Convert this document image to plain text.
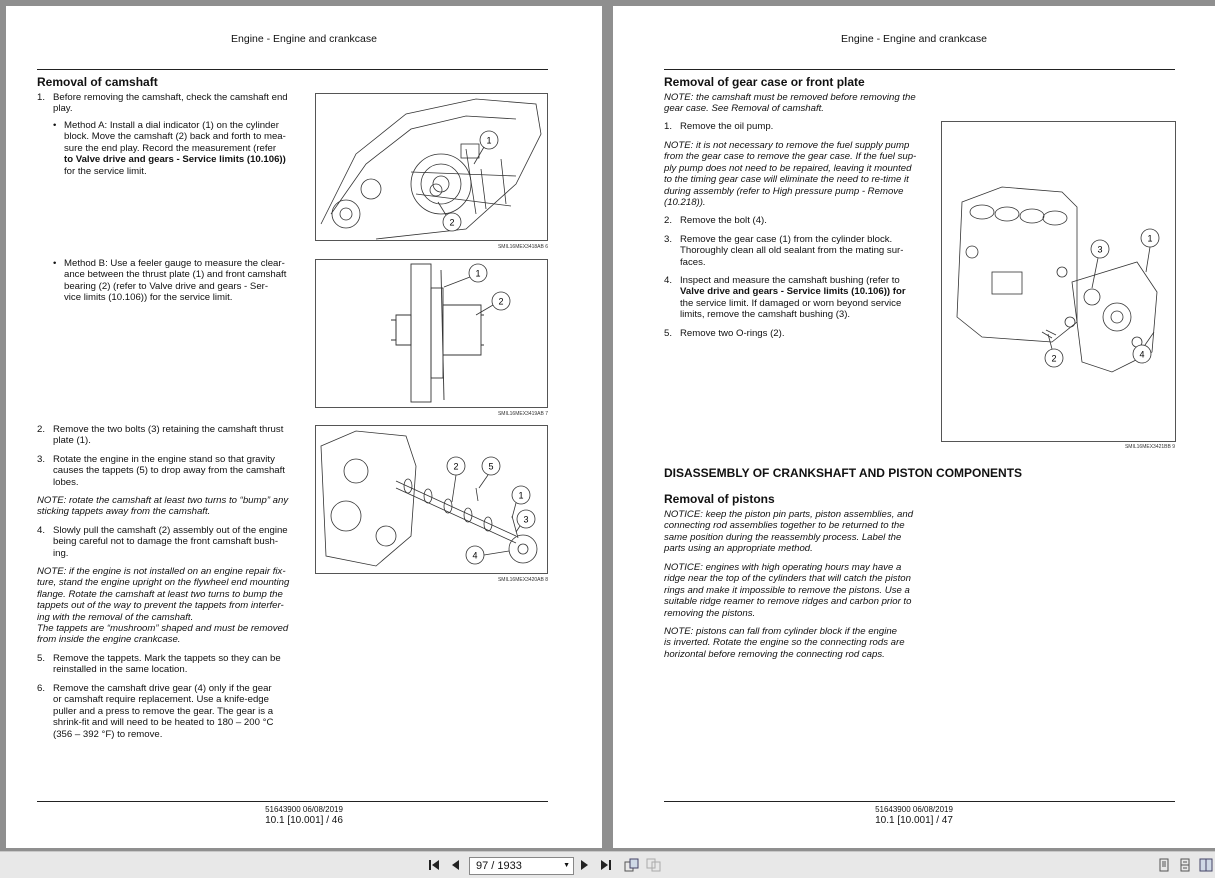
Engine - Engine and crankcase
Removal of camshaft
1. Before removing the camshaft, check the camshaft end play.
• Method A: Install a dial indicator (1) on the cylinder
block. Move the camshaft (2) back and forth to mea-
sure the end play. Record the measurement (refer
to Valve drive and gears - Service limits (10.106))
for the service limit.
• Method B: Use a feeler gauge to measure the clear-
ance between the thrust plate (1) and front camshaft
bearing (2) (refer to Valve drive and gears - Ser-
vice limits (10.106)) for the service limit.
2. Remove the two bolts (3) retaining the camshaft thrust
plate (1).
3. Rotate the engine in the engine stand so that gravity
causes the tappets (5) to drop away from the camshaft
lobes.
NOTE: rotate the camshaft at least two turns to “bump” any
sticking tappets away from the camshaft.
4. Slowly pull the camshaft (2) assembly out of the engine
being careful not to damage the front camshaft bush-
ing.
NOTE: if the engine is not installed on an engine repair fix-
ture, stand the engine upright on the flywheel end mounting
flange. Rotate the camshaft at least two turns to bump the
tappets out of the way to prevent the tappets from interfer-
ing with the removal of the camshaft.
The tappets are “mushroom” shaped and must be removed
from inside the engine crankcase.
5. Remove the tappets. Mark the tappets so they can be
reinstalled in the same location.
6. Remove the camshaft drive gear (4) only if the gear
or camshaft require replacement. Use a knife-edge
puller and a press to remove the gear. The gear is a
shrink-fit and will need to be heated to 180 – 200 °C
(356 – 392 °F) to remove.
1
2
SMIL16MEX3418AB 6
1
2
SMIL16MEX3419AB 7
2	5
1
3
4
SMIL16MEX3420AB 8
51643900 06/08/2019
10.1 [10.001] / 46
Engine - Engine and crankcase
Removal of gear case or front plate
NOTE: the camshaft must be removed before removing the
gear case. See Removal of camshaft.
1. Remove the oil pump.
NOTE: it is not necessary to remove the fuel supply pump
from the gear case to remove the gear case. If the fuel sup-
ply pump does not need to be repaired, leaving it mounted
to the timing gear case will eliminate the need to re-time it
during assembly (refer to High pressure pump - Remove
(10.218)).
2. Remove the bolt (4).
3. Remove the gear case (1) from the cylinder block.
Thoroughly clean all old sealant from the mating sur-
faces.
4. Inspect and measure the camshaft bushing (refer to
Valve drive and gears - Service limits (10.106)) for
the service limit. If damaged or worn beyond service
limits, remove the camshaft bushing (3).
5. Remove two O-rings (2).
3
1
2	4
SMIL16MEX3421BB 9
DISASSEMBLY OF CRANKSHAFT AND PISTON COMPONENTS
Removal of pistons
NOTICE: keep the piston pin parts, piston assemblies, and
connecting rod assemblies together to be returned to the
same position during the reassembly process. Label the
parts using an appropriate method.
NOTICE: engines with high operating hours may have a
ridge near the top of the cylinders that will catch the piston
rings and make it impossible to remove the pistons. Use a
suitable ridge reamer to remove ridges and carbon prior to
removing the pistons.
NOTE: pistons can fall from cylinder block if the engine
is inverted. Rotate the engine so the connecting rods are
horizontal before removing the connecting rod caps.
51643900 06/08/2019
10.1 [10.001] / 47
97 / 1933	▼
